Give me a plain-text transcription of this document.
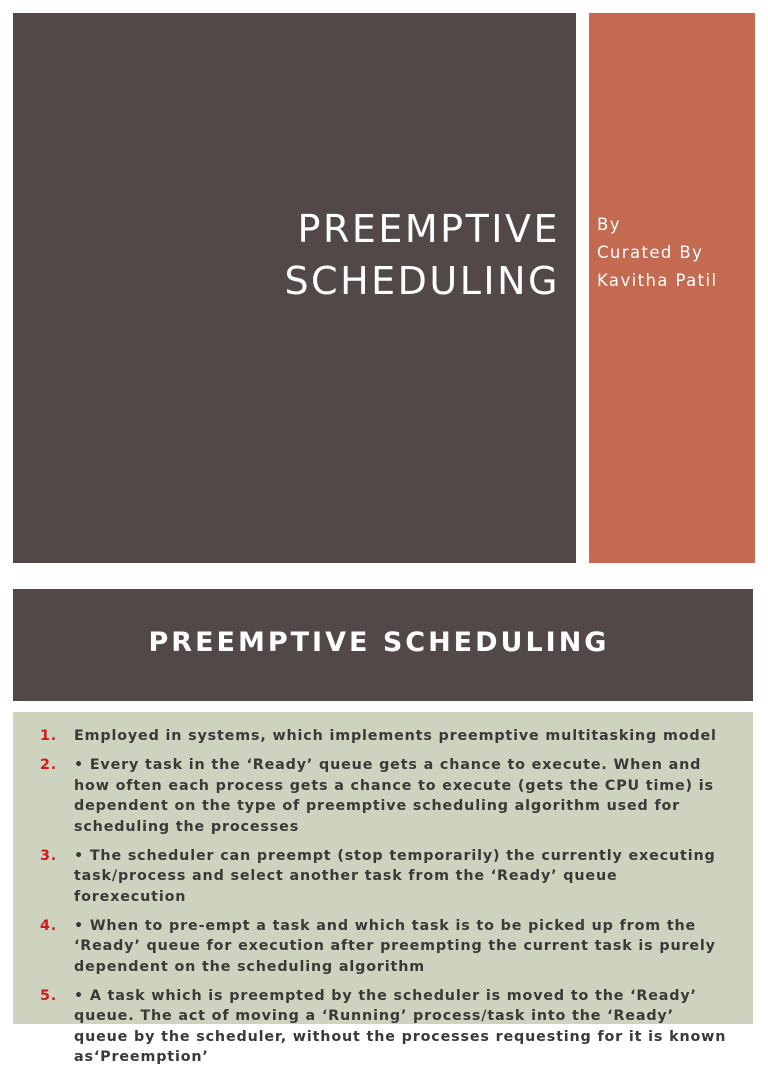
PREEMPTIVE
SCHEDULING
By
Curated By
Kavitha Patil
PREEMPTIVE SCHEDULING
1. Employed in systems, which implements preemptive multitasking model
2. • Every task in the ‘Ready’ queue gets a chance to execute. When and how often each process gets a chance to execute (gets the CPU time) is dependent on the type of preemptive scheduling algorithm used for scheduling the processes
3. • The scheduler can preempt (stop temporarily) the currently executing task/process and select another task from the ‘Ready’ queue forexecution
4. • When to pre-empt a task and which task is to be picked up from the ‘Ready’ queue for execution after preempting the current task is purely dependent on the scheduling algorithm
5. • A task which is preempted by the scheduler is moved to the ‘Ready’ queue. The act of moving a ‘Running’ process/task into the ‘Ready’ queue by the scheduler, without the processes requesting for it is known as‘Preemption’
